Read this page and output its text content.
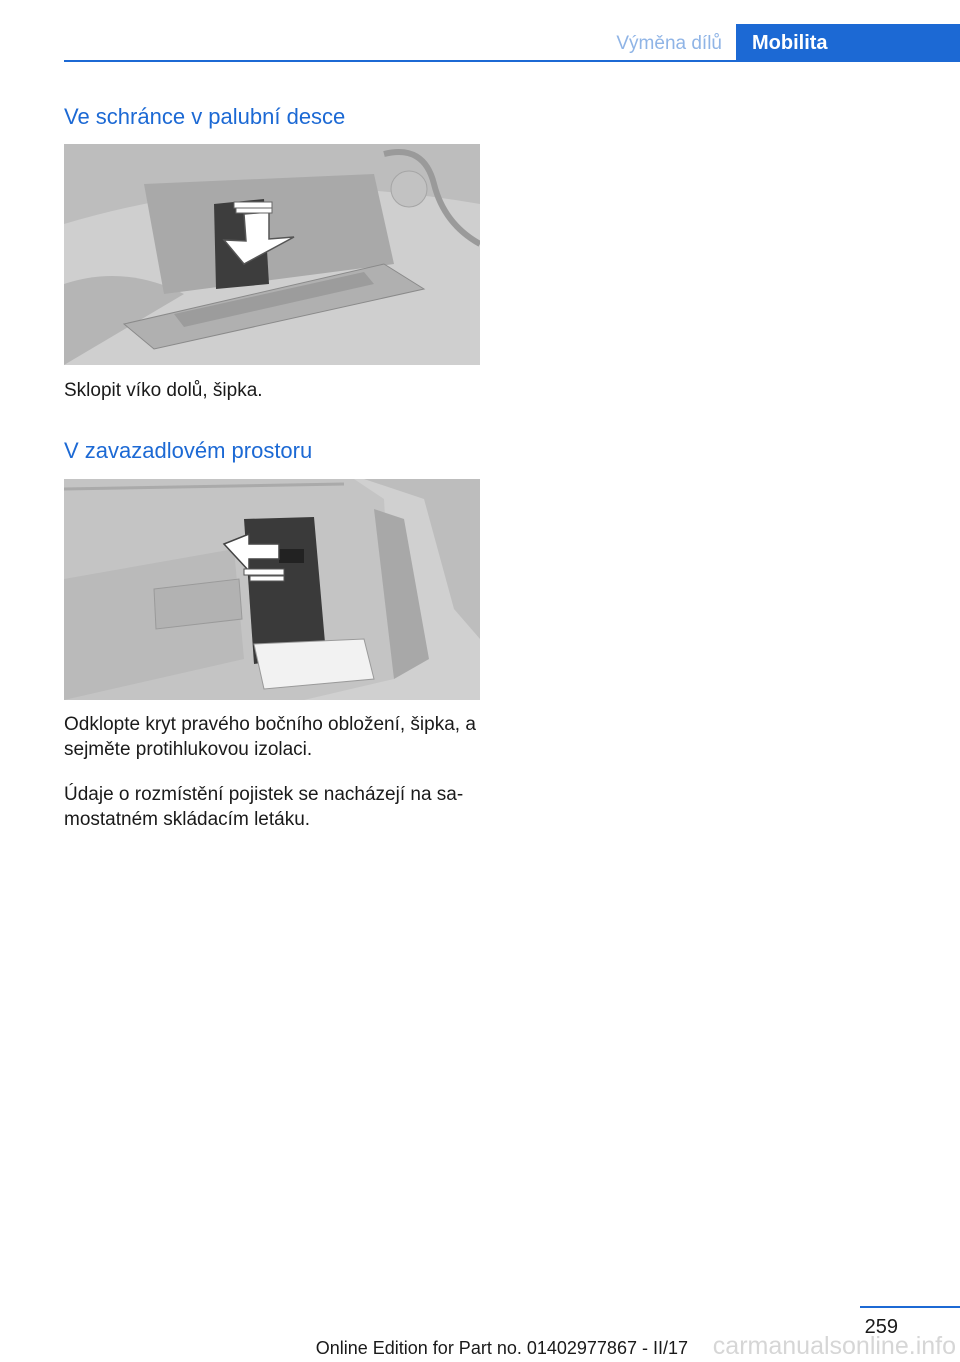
Výměna dílů	Mobilita
Ve schránce v palubní desce

Sklopit víko dolů, šipka.

V zavazadlovém prostoru

Odklopte kryt pravého bočního obložení, šipka, a sejměte protihlukovou izolaci.

Údaje o rozmístění pojistek se nacházejí na sa-mostatném skládacím letáku.

259
carmanualsonline.info
Online Edition for Part no. 01402977867 - II/17
